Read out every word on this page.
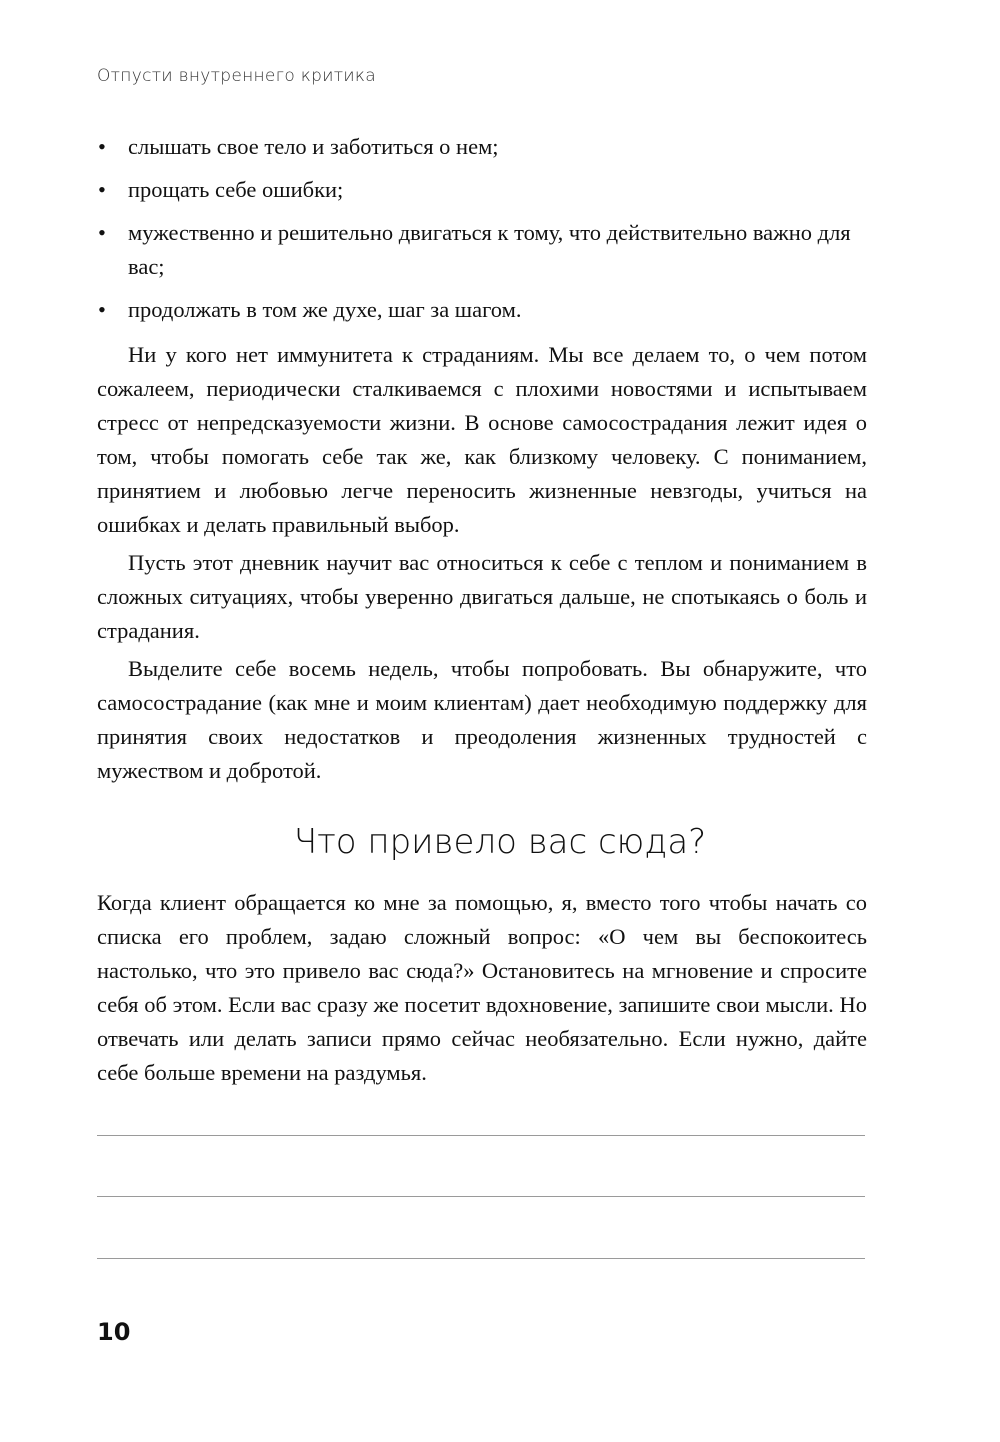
Отпусти внутреннего критика
• слышать свое тело и заботиться о нем;
• прощать себе ошибки;
• мужественно и решительно двигаться к тому, что действительно важно для вас;
• продолжать в том же духе, шаг за шагом.

Ни у кого нет иммунитета к страданиям. Мы все делаем то, о чем потом сожалеем, периодически сталкиваемся с плохими новостями и испытываем стресс от непредсказуемости жизни. В основе самосострадания лежит идея о том, чтобы помогать себе так же, как близкому человеку. С пониманием, принятием и любовью легче переносить жизненные невзгоды, учиться на ошибках и делать правильный выбор.

Пусть этот дневник научит вас относиться к себе с теплом и пониманием в сложных ситуациях, чтобы уверенно двигаться дальше, не спотыкаясь о боль и страдания.

Выделите себе восемь недель, чтобы попробовать. Вы обнаружите, что самосострадание (как мне и моим клиентам) дает необходимую поддержку для принятия своих недостатков и преодоления жизненных трудностей с мужеством и добротой.

Что привело вас сюда?

Когда клиент обращается ко мне за помощью, я, вместо того чтобы начать со списка его проблем, задаю сложный вопрос: «О чем вы беспокоитесь настолько, что это привело вас сюда?» Остановитесь на мгновение и спросите себя об этом. Если вас сразу же посетит вдохновение, запишите свои мысли. Но отвечать или делать записи прямо сейчас необязательно. Если нужно, дайте себе больше времени на раздумья.

10
